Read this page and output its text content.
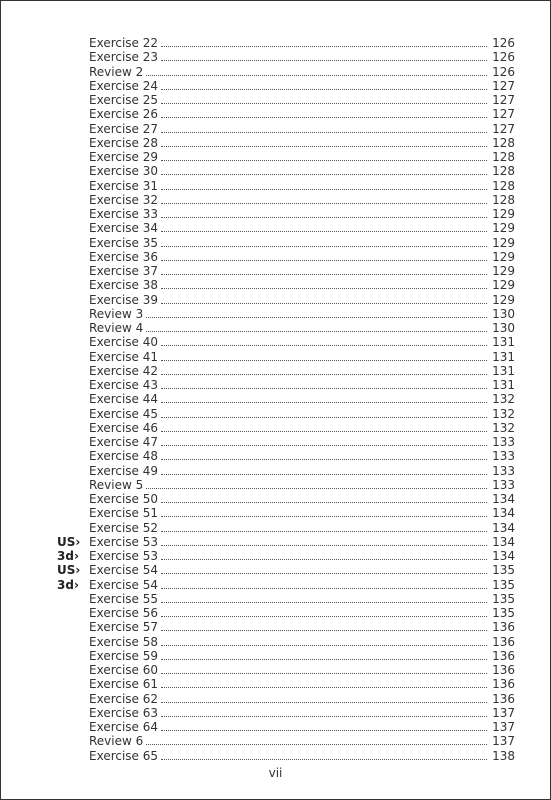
Exercise 22	126
Exercise 23	126
Review 2	126
Exercise 24	127
Exercise 25	127
Exercise 26	127
Exercise 27	127
Exercise 28	128
Exercise 29	128
Exercise 30	128
Exercise 31	128
Exercise 32	128
Exercise 33	129
Exercise 34	129
Exercise 35	129
Exercise 36	129
Exercise 37	129
Exercise 38	129
Exercise 39	129
Review 3	130
Review 4	130
Exercise 40	131
Exercise 41	131
Exercise 42	131
Exercise 43	131
Exercise 44	132
Exercise 45	132
Exercise 46	132
Exercise 47	133
Exercise 48	133
Exercise 49	133
Review 5	133
Exercise 50	134
Exercise 51	134
Exercise 52	134
US› Exercise 53	134
3d› Exercise 53	134
US› Exercise 54	135
3d› Exercise 54	135
Exercise 55	135
Exercise 56	135
Exercise 57	136
Exercise 58	136
Exercise 59	136
Exercise 60	136
Exercise 61	136
Exercise 62	136
Exercise 63	137
Exercise 64	137
Review 6	137
Exercise 65	138
vii
